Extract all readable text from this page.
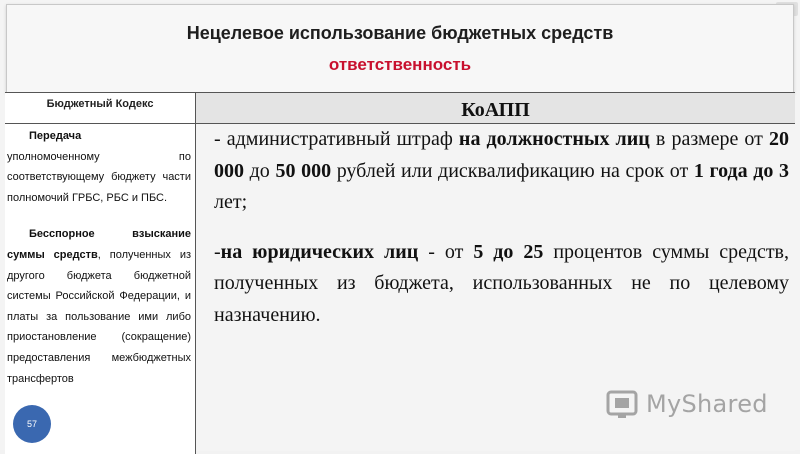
Нецелевое использование бюджетных средств
ответственность
Бюджетный Кодекс	КоАПП

Передача
уполномоченному по соответствующему бюджету части полномочий ГРБС, РБС и ПБС.

Бесспорное взыскание суммы средств, полученных из другого бюджета бюджетной системы Российской Федерации, и платы за пользование ими либо приостановление (сокращение) предоставления межбюджетных трансфертов

- административный штраф на должностных лиц в размере от 20 000 до 50 000 рублей или дисквалификацию на срок от 1 года до 3 лет;

-на юридических лиц - от 5 до 25 процентов суммы средств, полученных из бюджета, использованных не по целевому назначению.

MyShared
57
